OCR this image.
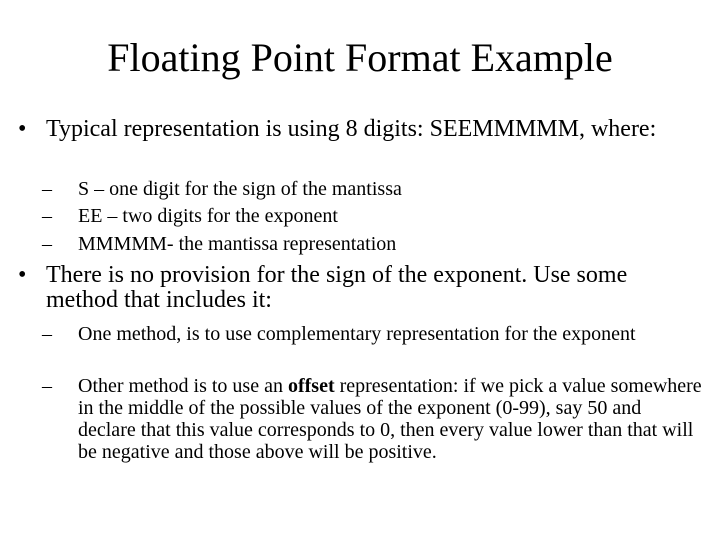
Floating Point Format Example
• Typical representation is using 8 digits: SEEMMMMM, where:
– S – one digit for the sign of the mantissa
– EE – two digits for the exponent
– MMMMM- the mantissa representation
• There is no provision for the sign of the exponent. Use some method that includes it:
– One method, is to use complementary representation for the exponent
– Other method is to use an offset representation: if we pick a value somewhere in the middle of the possible values of the exponent (0-99), say 50 and declare that this value corresponds to 0, then every value lower than that will be negative and those above will be positive.
